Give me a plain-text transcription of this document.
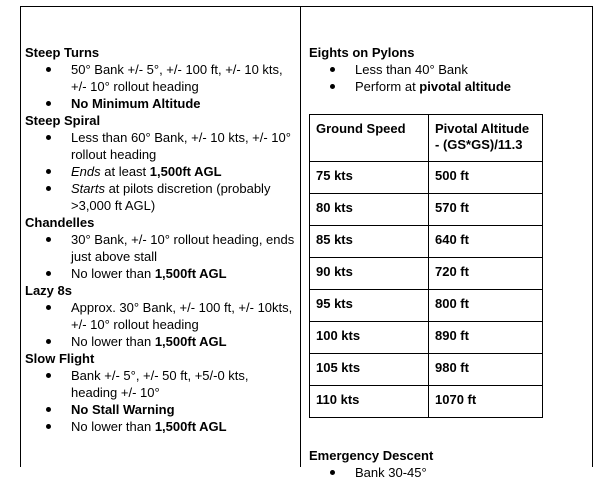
Steep Turns
50° Bank +/- 5°, +/- 100 ft, +/- 10 kts, +/- 10° rollout heading
No Minimum Altitude
Steep Spiral
Less than 60° Bank, +/- 10 kts, +/- 10° rollout heading
Ends at least 1,500ft AGL
Starts at pilots discretion (probably >3,000 ft AGL)
Chandelles
30° Bank, +/- 10° rollout heading, ends just above stall
No lower than 1,500ft AGL
Lazy 8s
Approx. 30° Bank, +/- 100 ft, +/- 10kts, +/- 10° rollout heading
No lower than 1,500ft AGL
Slow Flight
Bank +/- 5°, +/- 50 ft, +5/-0 kts, heading +/- 10°
No Stall Warning
No lower than 1,500ft AGL
Eights on Pylons
Less than 40° Bank
Perform at pivotal altitude
Ground Speed	Pivotal Altitude - (GS*GS)/11.3
75 kts	500 ft
80 kts	570 ft
85 kts	640 ft
90 kts	720 ft
95 kts	800 ft
100 kts	890 ft
105 kts	980 ft
110 kts	1070 ft
Emergency Descent
Bank 30-45°
